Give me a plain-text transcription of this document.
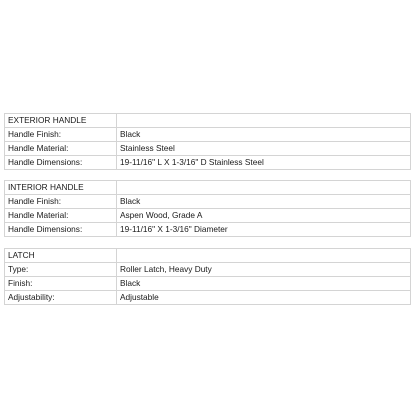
EXTERIOR HANDLE	
Handle Finish:	Black
Handle Material:	Stainless Steel
Handle Dimensions:	19-11/16" L X 1-3/16" D Stainless Steel
INTERIOR HANDLE	
Handle Finish:	Black
Handle Material:	Aspen Wood, Grade A
Handle Dimensions:	19-11/16" X 1-3/16" Diameter
LATCH	
Type:	Roller Latch, Heavy Duty
Finish:	Black
Adjustability:	Adjustable
